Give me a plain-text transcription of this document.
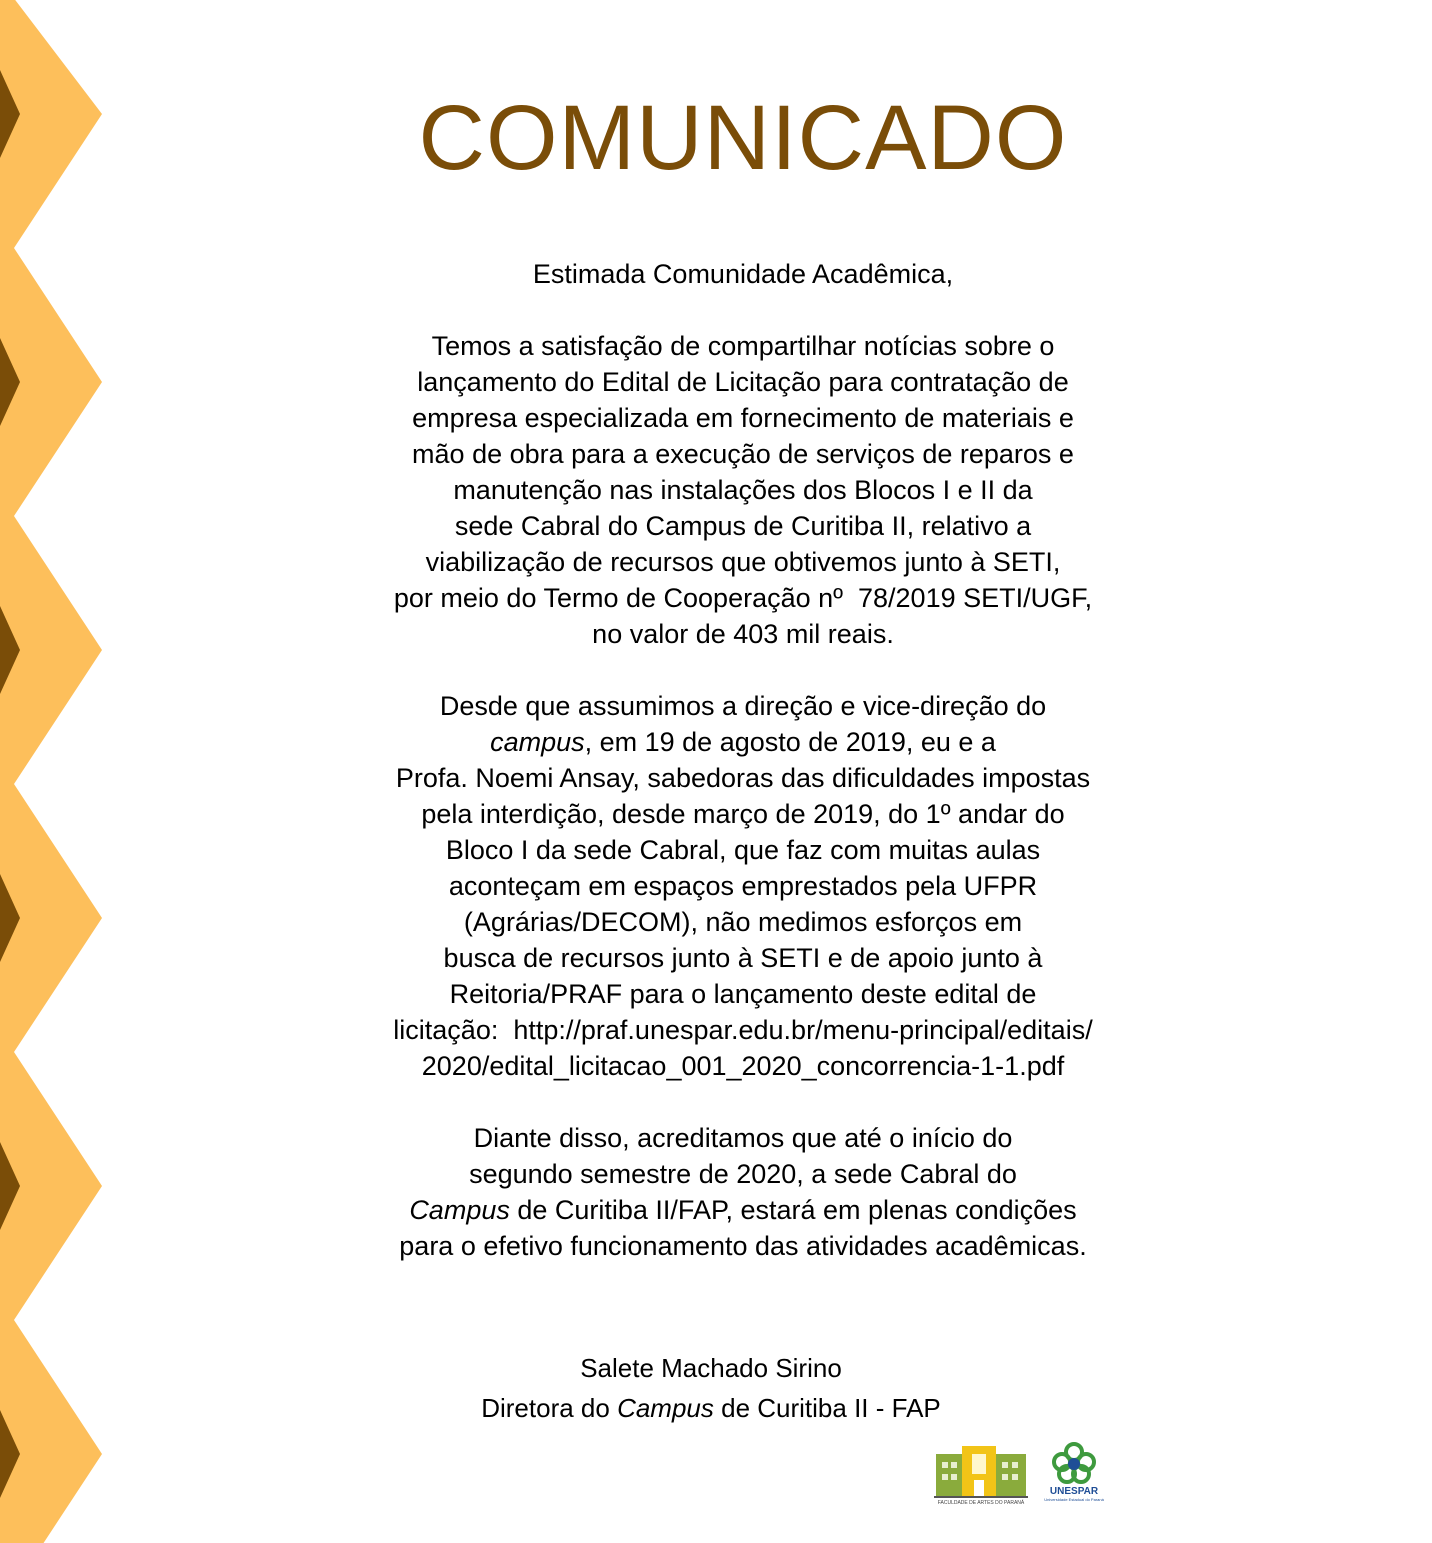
COMUNICADO
Estimada Comunidade Acadêmica,
Temos a satisfação de compartilhar notícias sobre o
lançamento do Edital de Licitação para contratação de
empresa especializada em fornecimento de materiais e
mão de obra para a execução de serviços de reparos e
manutenção nas instalações dos Blocos I e II da
sede Cabral do Campus de Curitiba II, relativo a
viabilização de recursos que obtivemos junto à SETI,
por meio do Termo de Cooperação nº  78/2019 SETI/UGF,
no valor de 403 mil reais.
Desde que assumimos a direção e vice-direção do
campus, em 19 de agosto de 2019, eu e a
Profa. Noemi Ansay, sabedoras das dificuldades impostas
pela interdição, desde março de 2019, do 1º andar do
Bloco I da sede Cabral, que faz com muitas aulas
aconteçam em espaços emprestados pela UFPR
(Agrárias/DECOM), não medimos esforços em
busca de recursos junto à SETI e de apoio junto à
Reitoria/PRAF para o lançamento deste edital de
licitação:  http://praf.unespar.edu.br/menu-principal/editais/
2020/edital_licitacao_001_2020_concorrencia-1-1.pdf
Diante disso, acreditamos que até o início do
segundo semestre de 2020, a sede Cabral do
Campus de Curitiba II/FAP, estará em plenas condições
para o efetivo funcionamento das atividades acadêmicas.
Salete Machado Sirino
Diretora do Campus de Curitiba II - FAP
FACULDADE DE ARTES DO PARANÁ
UNESPAR
Universidade Estadual do Paraná
